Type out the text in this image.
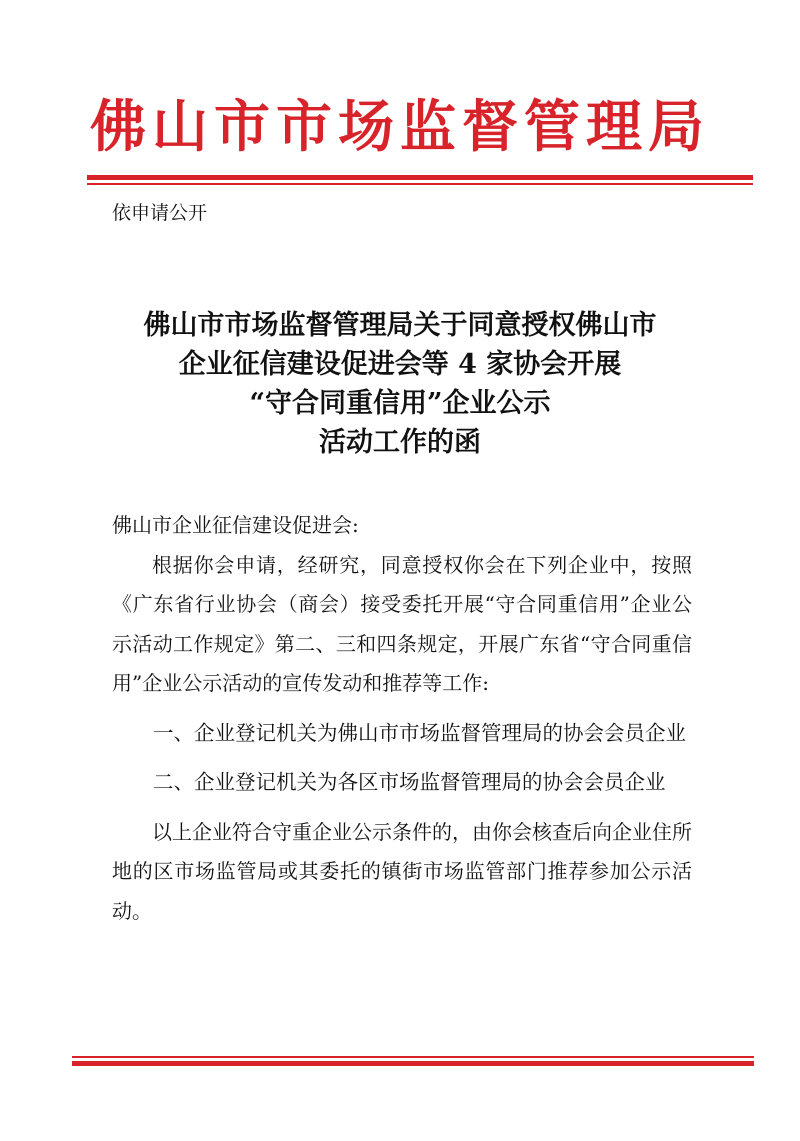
佛山市市场监督管理局
依申请公开
佛山市市场监督管理局关于同意授权佛山市
企业征信建设促进会等 4 家协会开展
“守合同重信用”企业公示
活动工作的函

佛山市企业征信建设促进会:

根据你会申请，经研究，同意授权你会在下列企业中，按照《广东省行业协会（商会）接受委托开展“守合同重信用”企业公示活动工作规定》第二、三和四条规定，开展广东省“守合同重信用”企业公示活动的宣传发动和推荐等工作:

一、企业登记机关为佛山市市场监督管理局的协会会员企业

二、企业登记机关为各区市场监督管理局的协会会员企业

以上企业符合守重企业公示条件的，由你会核查后向企业住所地的区市场监管局或其委托的镇街市场监管部门推荐参加公示活动。
